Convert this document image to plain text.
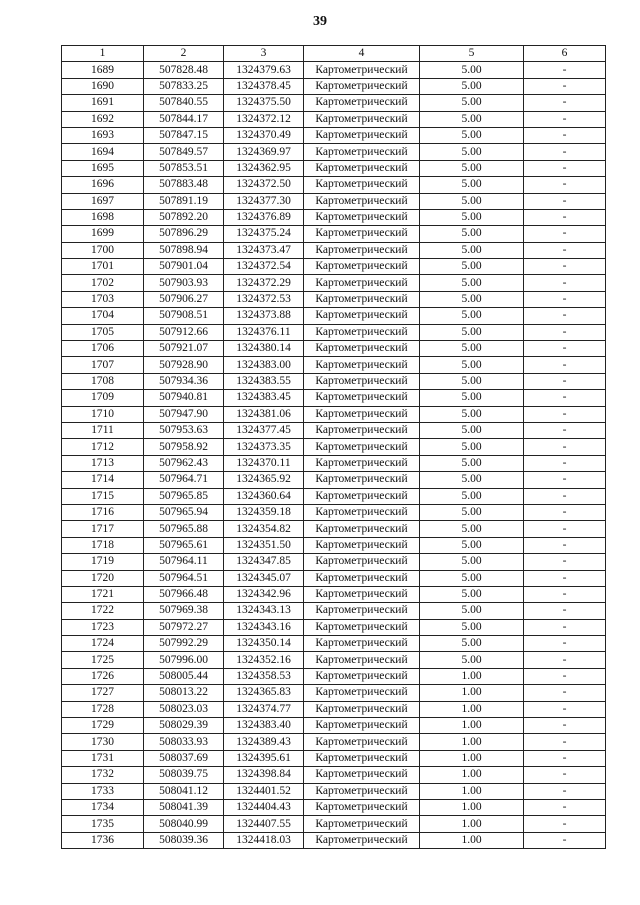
39
1	2	3	4	5	6
1689	507828.48	1324379.63	Картометрический	5.00	-
1690	507833.25	1324378.45	Картометрический	5.00	-
1691	507840.55	1324375.50	Картометрический	5.00	-
1692	507844.17	1324372.12	Картометрический	5.00	-
1693	507847.15	1324370.49	Картометрический	5.00	-
1694	507849.57	1324369.97	Картометрический	5.00	-
1695	507853.51	1324362.95	Картометрический	5.00	-
1696	507883.48	1324372.50	Картометрический	5.00	-
1697	507891.19	1324377.30	Картометрический	5.00	-
1698	507892.20	1324376.89	Картометрический	5.00	-
1699	507896.29	1324375.24	Картометрический	5.00	-
1700	507898.94	1324373.47	Картометрический	5.00	-
1701	507901.04	1324372.54	Картометрический	5.00	-
1702	507903.93	1324372.29	Картометрический	5.00	-
1703	507906.27	1324372.53	Картометрический	5.00	-
1704	507908.51	1324373.88	Картометрический	5.00	-
1705	507912.66	1324376.11	Картометрический	5.00	-
1706	507921.07	1324380.14	Картометрический	5.00	-
1707	507928.90	1324383.00	Картометрический	5.00	-
1708	507934.36	1324383.55	Картометрический	5.00	-
1709	507940.81	1324383.45	Картометрический	5.00	-
1710	507947.90	1324381.06	Картометрический	5.00	-
1711	507953.63	1324377.45	Картометрический	5.00	-
1712	507958.92	1324373.35	Картометрический	5.00	-
1713	507962.43	1324370.11	Картометрический	5.00	-
1714	507964.71	1324365.92	Картометрический	5.00	-
1715	507965.85	1324360.64	Картометрический	5.00	-
1716	507965.94	1324359.18	Картометрический	5.00	-
1717	507965.88	1324354.82	Картометрический	5.00	-
1718	507965.61	1324351.50	Картометрический	5.00	-
1719	507964.11	1324347.85	Картометрический	5.00	-
1720	507964.51	1324345.07	Картометрический	5.00	-
1721	507966.48	1324342.96	Картометрический	5.00	-
1722	507969.38	1324343.13	Картометрический	5.00	-
1723	507972.27	1324343.16	Картометрический	5.00	-
1724	507992.29	1324350.14	Картометрический	5.00	-
1725	507996.00	1324352.16	Картометрический	5.00	-
1726	508005.44	1324358.53	Картометрический	1.00	-
1727	508013.22	1324365.83	Картометрический	1.00	-
1728	508023.03	1324374.77	Картометрический	1.00	-
1729	508029.39	1324383.40	Картометрический	1.00	-
1730	508033.93	1324389.43	Картометрический	1.00	-
1731	508037.69	1324395.61	Картометрический	1.00	-
1732	508039.75	1324398.84	Картометрический	1.00	-
1733	508041.12	1324401.52	Картометрический	1.00	-
1734	508041.39	1324404.43	Картометрический	1.00	-
1735	508040.99	1324407.55	Картометрический	1.00	-
1736	508039.36	1324418.03	Картометрический	1.00	-
